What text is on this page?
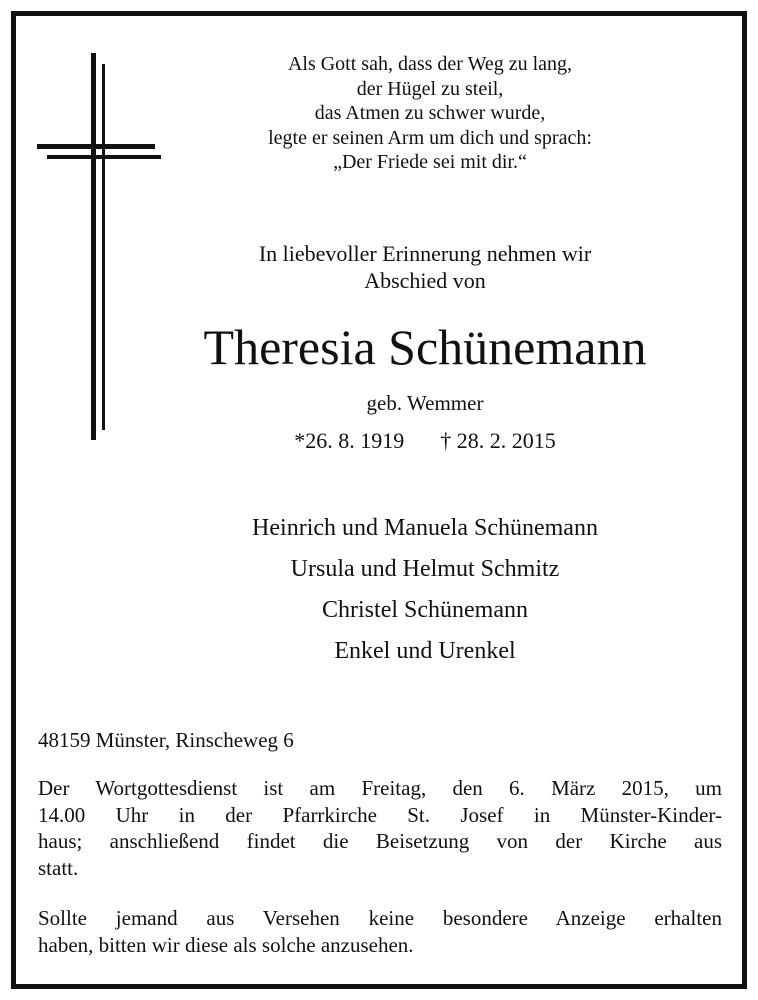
Als Gott sah, dass der Weg zu lang,
der Hügel zu steil,
das Atmen zu schwer wurde,
legte er seinen Arm um dich und sprach:
„Der Friede sei mit dir.“
In liebevoller Erinnerung nehmen wir
Abschied von
Theresia Schünemann
geb. Wemmer
*26. 8. 1919 † 28. 2. 2015
Heinrich und Manuela Schünemann
Ursula und Helmut Schmitz
Christel Schünemann
Enkel und Urenkel
48159 Münster, Rinscheweg 6
Der Wortgottesdienst ist am Freitag, den 6. März 2015, um
14.00 Uhr in der Pfarrkirche St. Josef in Münster-Kinder-
haus; anschließend findet die Beisetzung von der Kirche aus
statt.
Sollte jemand aus Versehen keine besondere Anzeige erhalten
haben, bitten wir diese als solche anzusehen.
